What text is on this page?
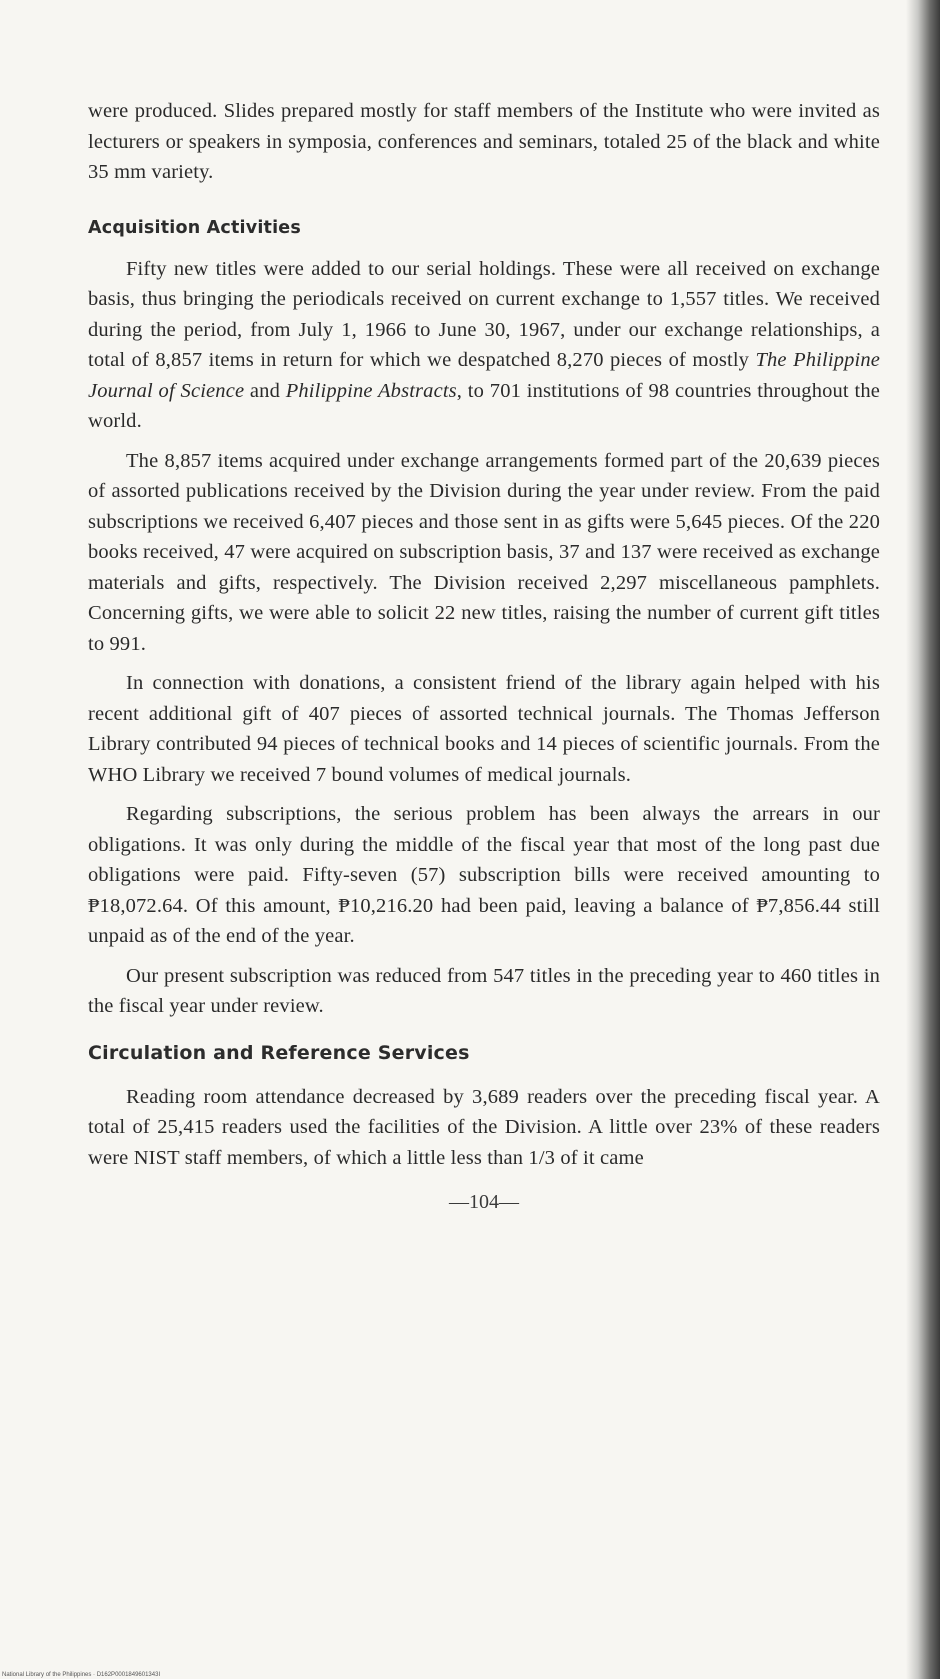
were produced. Slides prepared mostly for staff members of the Institute who were invited as lecturers or speakers in symposia, conferences and seminars, totaled 25 of the black and white 35 mm variety.

Acquisition Activities

Fifty new titles were added to our serial holdings. These were all received on exchange basis, thus bringing the periodicals received on current exchange to 1,557 titles. We received during the period, from July 1, 1966 to June 30, 1967, under our exchange relationships, a total of 8,857 items in return for which we despatched 8,270 pieces of mostly The Philippine Journal of Science and Philippine Abstracts, to 701 institutions of 98 countries throughout the world.

The 8,857 items acquired under exchange arrangements formed part of the 20,639 pieces of assorted publications received by the Division during the year under review. From the paid subscriptions we received 6,407 pieces and those sent in as gifts were 5,645 pieces. Of the 220 books received, 47 were acquired on subscription basis, 37 and 137 were received as exchange materials and gifts, respectively. The Division received 2,297 miscellaneous pamphlets. Concerning gifts, we were able to solicit 22 new titles, raising the number of current gift titles to 991.

In connection with donations, a consistent friend of the library again helped with his recent additional gift of 407 pieces of assorted technical journals. The Thomas Jefferson Library contributed 94 pieces of technical books and 14 pieces of scientific journals. From the WHO Library we received 7 bound volumes of medical journals.

Regarding subscriptions, the serious problem has been always the arrears in our obligations. It was only during the middle of the fiscal year that most of the long past due obligations were paid. Fifty-seven (57) subscription bills were received amounting to ₱18,072.64. Of this amount, ₱10,216.20 had been paid, leaving a balance of ₱7,856.44 still unpaid as of the end of the year.

Our present subscription was reduced from 547 titles in the preceding year to 460 titles in the fiscal year under review.

Circulation and Reference Services

Reading room attendance decreased by 3,689 readers over the preceding fiscal year. A total of 25,415 readers used the facilities of the Division. A little over 23% of these readers were NIST staff members, of which a little less than 1/3 of it came

—104—
National Library of the Philippines · D162P0001849601343I
